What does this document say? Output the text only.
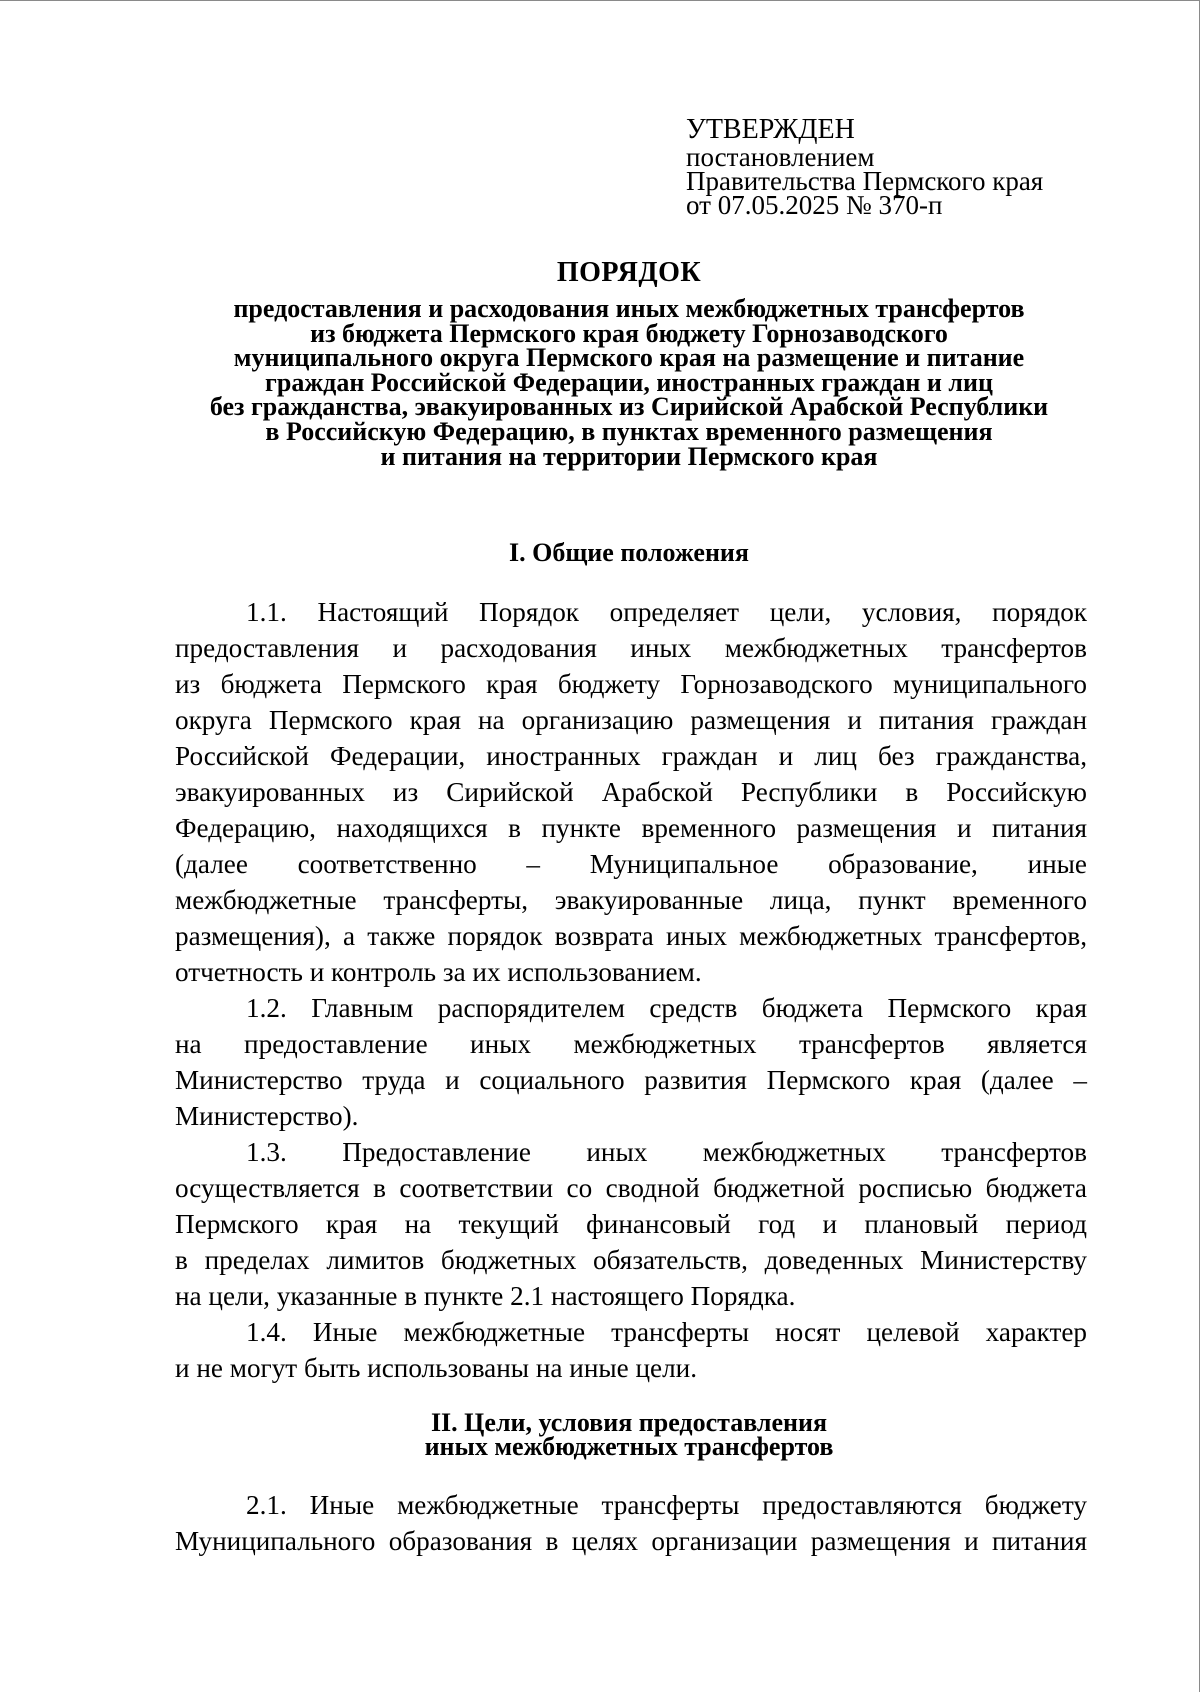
УТВЕРЖДЕН
постановлением
Правительства Пермского края
от 07.05.2025 № 370-п
ПОРЯДОК
предоставления и расходования иных межбюджетных трансфертов
из бюджета Пермского края бюджету Горнозаводского
муниципального округа Пермского края на размещение и питание
граждан Российской Федерации, иностранных граждан и лиц
без гражданства, эвакуированных из Сирийской Арабской Республики
в Российскую Федерацию, в пунктах временного размещения
и питания на территории Пермского края
I. Общие положения
1.1. Настоящий Порядок определяет цели, условия, порядок
предоставления и расходования иных межбюджетных трансфертов
из бюджета Пермского края бюджету Горнозаводского муниципального
округа Пермского края на организацию размещения и питания граждан
Российской Федерации, иностранных граждан и лиц без гражданства,
эвакуированных из Сирийской Арабской Республики в Российскую
Федерацию, находящихся в пункте временного размещения и питания
(далее соответственно – Муниципальное образование, иные
межбюджетные трансферты, эвакуированные лица, пункт временного
размещения), а также порядок возврата иных межбюджетных трансфертов,
отчетность и контроль за их использованием.
1.2. Главным распорядителем средств бюджета Пермского края
на предоставление иных межбюджетных трансфертов является
Министерство труда и социального развития Пермского края (далее –
Министерство).
1.3. Предоставление иных межбюджетных трансфертов
осуществляется в соответствии со сводной бюджетной росписью бюджета
Пермского края на текущий финансовый год и плановый период
в пределах лимитов бюджетных обязательств, доведенных Министерству
на цели, указанные в пункте 2.1 настоящего Порядка.
1.4. Иные межбюджетные трансферты носят целевой характер
и не могут быть использованы на иные цели.
II. Цели, условия предоставления
иных межбюджетных трансфертов
2.1. Иные межбюджетные трансферты предоставляются бюджету
Муниципального образования в целях организации размещения и питания
